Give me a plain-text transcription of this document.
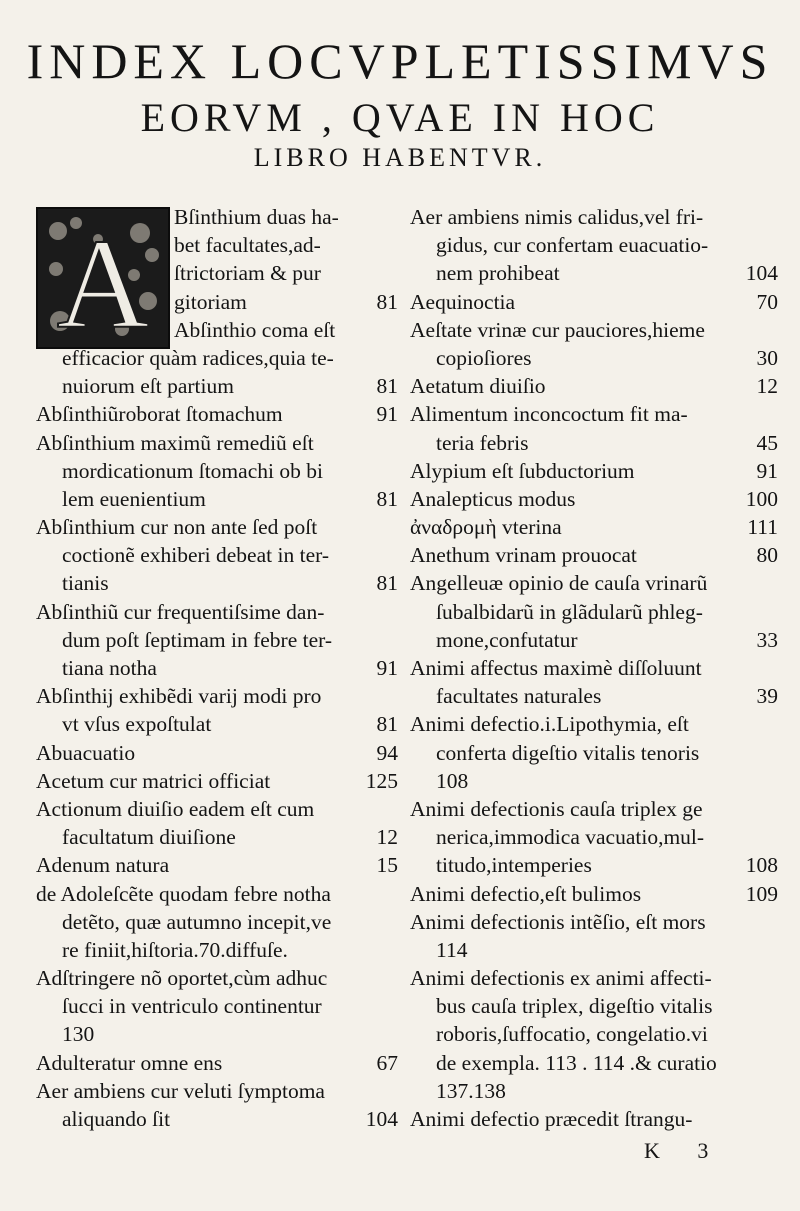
INDEX LOCVPLETISSIMVS
EORVM , QVAE IN HOC
LIBRO HABENTVR.
A	Bſinthium duas ha-
bet facultates,ad-
ſtrictoriam & pur
gitoriam	81
Abſinthio coma eſt
efficacior quàm radices,quia te-
nuiorum eſt partium	81
Abſinthiũroborat ſtomachum	91
Abſinthium maximũ remediũ eſt
mordicationum ſtomachi ob bi
lem euenientium	81
Abſinthium cur non ante ſed poſt
coctionẽ exhiberi debeat in ter-
tianis	81
Abſinthiũ cur frequentiſsime dan-
dum poſt ſeptimam in febre ter-
tiana notha	91
Abſinthij exhibẽdi varij modi pro
vt vſus expoſtulat	81
Abuacuatio	94
Acetum cur matrici officiat	125
Actionum diuiſio eadem eſt cum
facultatum diuiſione	12
Adenum natura	15
de Adoleſcẽte quodam febre notha
detẽto, quæ autumno incepit,ve
re finiit,hiſtoria.70.diffuſe.
Adſtringere nõ oportet,cùm adhuc
ſucci in ventriculo continentur
130
Adulteratur omne ens	67
Aer ambiens cur veluti ſymptoma
aliquando ſit	104
Aer ambiens nimis calidus,vel fri-
gidus, cur confertam euacuatio-
nem prohibeat	104
Aequinoctia	70
Aeſtate vrinæ cur pauciores,hieme
copioſiores	30
Aetatum diuiſio	12
Alimentum inconcoctum fit ma-
teria febris	45
Alypium eſt ſubductorium	91
Analepticus modus	100
ἀναδρομὴ vterina	111
Anethum vrinam prouocat	80
Angelleuæ opinio de cauſa vrinarũ
ſubalbidarũ in glãdularũ phleg-
mone,confutatur	33
Animi affectus maximè diſſoluunt
facultates naturales	39
Animi defectio.i.Lipothymia, eſt
conferta digeſtio vitalis tenoris
108
Animi defectionis cauſa triplex ge
nerica,immodica vacuatio,mul-
titudo,intemperies	108
Animi defectio,eſt bulimos	109
Animi defectionis intẽſio, eſt mors
114
Animi defectionis ex animi affecti-
bus cauſa triplex, digeſtio vitalis
roboris,ſuffocatio, congelatio.vi
de exempla. 113 . 114 .& curatio
137.138
Animi defectio præcedit ſtrangu-
K 3
